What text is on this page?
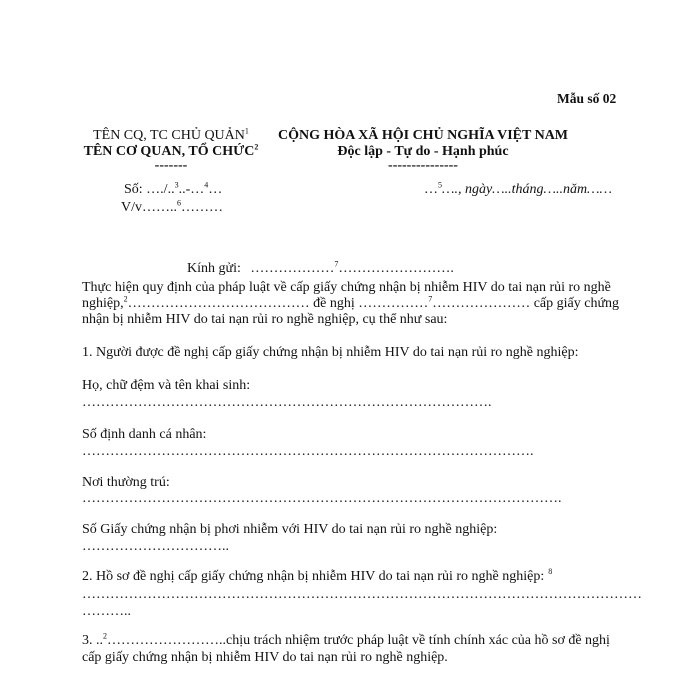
Mẫu số 02
TÊN CQ, TC CHỦ QUẢN$^1$
TÊN CƠ QUAN, TỔ CHỨC$^2$
-------
Số: …./..$^3$..-…$^4$…
V/v……..$^6$………
CỘNG HÒA XÃ HỘI CHỦ NGHĨA VIỆT NAM
Độc lập - Tự do - Hạnh phúc
---------------
…$^5$…., ngày…..tháng…..năm……
Kính gửi: ………………$^7$…………………….
Thực hiện quy định của pháp luật về cấp giấy chứng nhận bị nhiễm HIV do tai nạn rủi ro nghề
nghiệp,$^2$………………………………… đề nghị ……………$^7$………………… cấp giấy chứng
nhận bị nhiễm HIV do tai nạn rủi ro nghề nghiệp, cụ thể như sau:
1. Người được đề nghị cấp giấy chứng nhận bị nhiễm HIV do tai nạn rủi ro nghề nghiệp:
Họ, chữ đệm và tên khai sinh:
…………………………………………………………………………….
Số định danh cá nhân:
…………………………………………………………………………………….
Nơi thường trú:
………………………………………………………………………………………….
Số Giấy chứng nhận bị phơi nhiễm với HIV do tai nạn rủi ro nghề nghiệp:
…………………………..
2. Hồ sơ đề nghị cấp giấy chứng nhận bị nhiễm HIV do tai nạn rủi ro nghề nghiệp: $^8$
…………………………………………………………………………………………………………
………..
3. ..$^2$……………………..chịu trách nhiệm trước pháp luật về tính chính xác của hồ sơ đề nghị
cấp giấy chứng nhận bị nhiễm HIV do tai nạn rủi ro nghề nghiệp.
